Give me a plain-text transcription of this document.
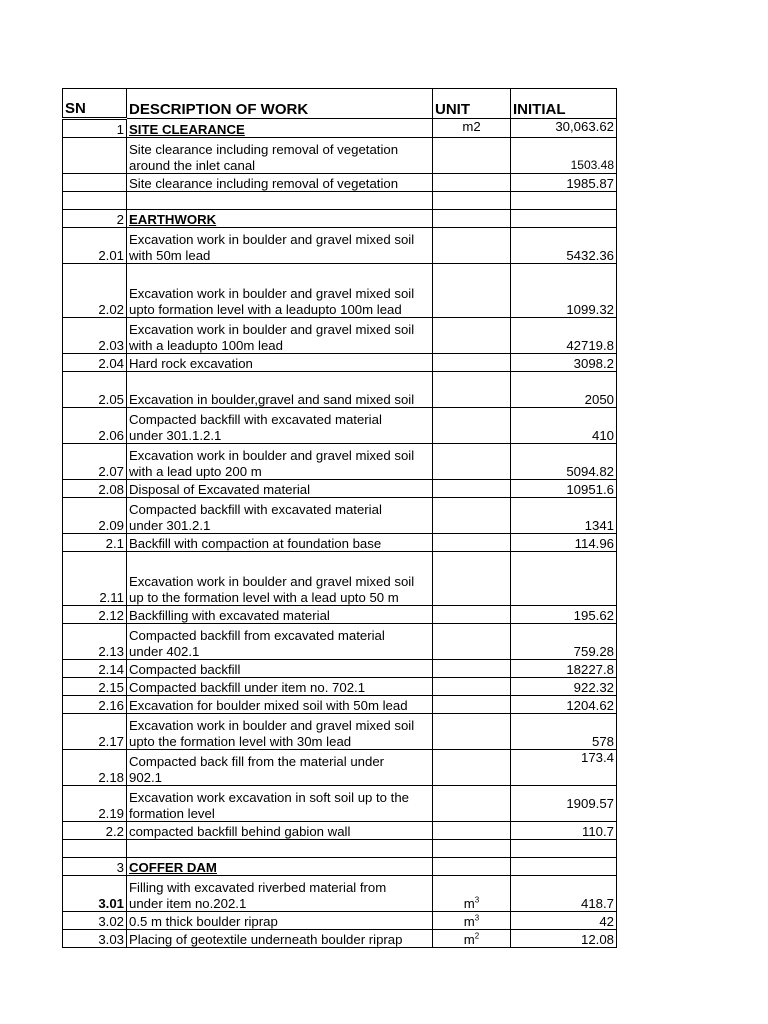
SN	DESCRIPTION OF WORK	UNIT	INITIAL
1	SITE CLEARANCE	m2	30,063.62
	Site clearance including removal of vegetation
around the inlet canal		1503.48
	Site clearance including removal of vegetation		1985.87

2	EARTHWORK		
2.01	Excavation work in boulder and gravel mixed soil
with 50m lead		5432.36
2.02	Excavation work in boulder and gravel mixed soil
upto formation level with a leadupto 100m lead		1099.32
2.03	Excavation work in boulder and gravel mixed soil
with a leadupto 100m lead		42719.8
2.04	Hard rock excavation		3098.2
2.05	Excavation in boulder,gravel and sand mixed soil		2050
2.06	Compacted backfill with excavated material
under 301.1.2.1		410
2.07	Excavation work in boulder and gravel mixed soil
with a lead upto 200 m		5094.82
2.08	Disposal of Excavated material		10951.6
2.09	Compacted backfill with excavated material
under 301.2.1		1341
2.1	Backfill with compaction at foundation base		114.96
2.11	Excavation work in boulder and gravel mixed soil
up to the formation level with a lead upto 50 m		
2.12	Backfilling with excavated material		195.62
2.13	Compacted backfill from excavated material
under 402.1		759.28
2.14	Compacted backfill		18227.8
2.15	Compacted backfill under item no. 702.1		922.32
2.16	Excavation for boulder mixed soil with 50m lead		1204.62
2.17	Excavation work in boulder and gravel mixed soil
upto the formation level with 30m lead		578
2.18	Compacted back fill from the material under
902.1		173.4
2.19	Excavation work excavation in soft soil up to the
formation level		1909.57
2.2	compacted backfill behind gabion wall		110.7

3	COFFER DAM		
3.01	Filling with excavated riverbed material from
under item no.202.1	$m^3$	418.7
3.02	0.5 m thick boulder riprap	$m^3$	42
3.03	Placing of geotextile underneath boulder riprap	$m^2$	12.08
